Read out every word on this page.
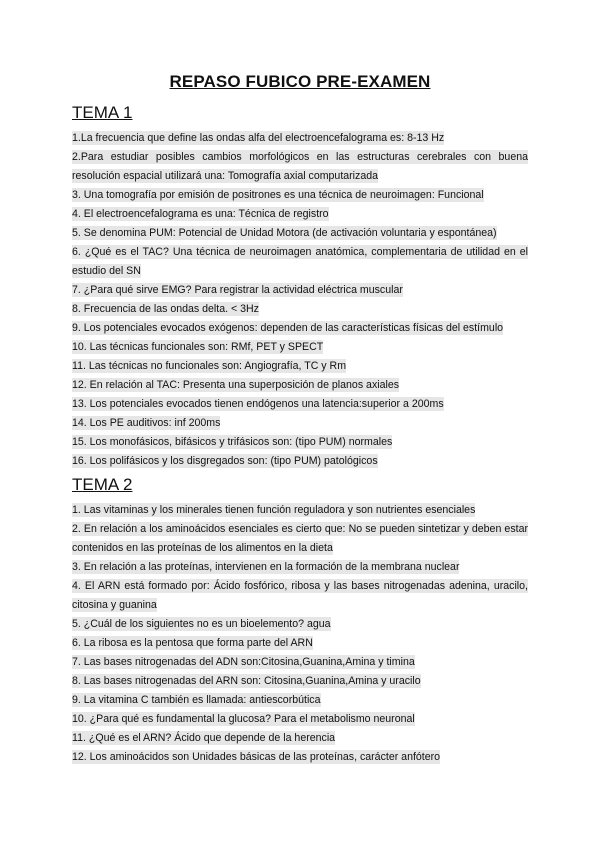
REPASO FUBICO PRE-EXAMEN
TEMA 1
1.La frecuencia que define las ondas alfa del electroencefalograma es: 8-13 Hz
2.Para estudiar posibles cambios morfológicos en las estructuras cerebrales con buena resolución espacial utilizará una: Tomografía axial computarizada
3. Una tomografía por emisión de positrones es una técnica de neuroimagen: Funcional
4. El electroencefalograma es una: Técnica de registro
5. Se denomina PUM: Potencial de Unidad Motora (de activación voluntaria y espontánea)
6. ¿Qué es el TAC? Una técnica de neuroimagen anatómica, complementaria de utilidad en el estudio del SN
7. ¿Para qué sirve EMG? Para registrar la actividad eléctrica muscular
8. Frecuencia de las ondas delta. < 3Hz
9. Los potenciales evocados exógenos: dependen de las características físicas del estímulo
10. Las técnicas funcionales son: RMf, PET y SPECT
11. Las técnicas no funcionales son: Angiografía, TC y Rm
12. En relación al TAC: Presenta una superposición de planos axiales
13. Los potenciales evocados tienen endógenos una latencia:superior a 200ms
14. Los PE auditivos: inf 200ms
15. Los monofásicos, bifásicos y trifásicos son: (tipo PUM) normales
16. Los polifásicos y los disgregados son: (tipo PUM) patológicos
TEMA 2
1. Las vitaminas y los minerales tienen función reguladora y son nutrientes esenciales
2. En relación a los aminoácidos esenciales es cierto que: No se pueden sintetizar y deben estar contenidos en las proteínas de los alimentos en la dieta
3. En relación a las proteínas, intervienen en la formación de la membrana nuclear
4. El ARN está formado por: Ácido fosfórico, ribosa y las bases nitrogenadas adenina, uracilo, citosina y guanina
5. ¿Cuál de los siguientes no es un bioelemento? agua
6. La ribosa es la pentosa que forma parte del ARN
7. Las bases nitrogenadas del ADN son:Citosina,Guanina,Amina y timina
8. Las bases nitrogenadas del ARN son: Citosina,Guanina,Amina y uracilo
9. La vitamina C también es llamada: antiescorbútica
10. ¿Para qué es fundamental la glucosa? Para el metabolismo neuronal
11. ¿Qué es el ARN? Ácido que depende de la herencia
12. Los aminoácidos son Unidades básicas de las proteínas, carácter anfótero
